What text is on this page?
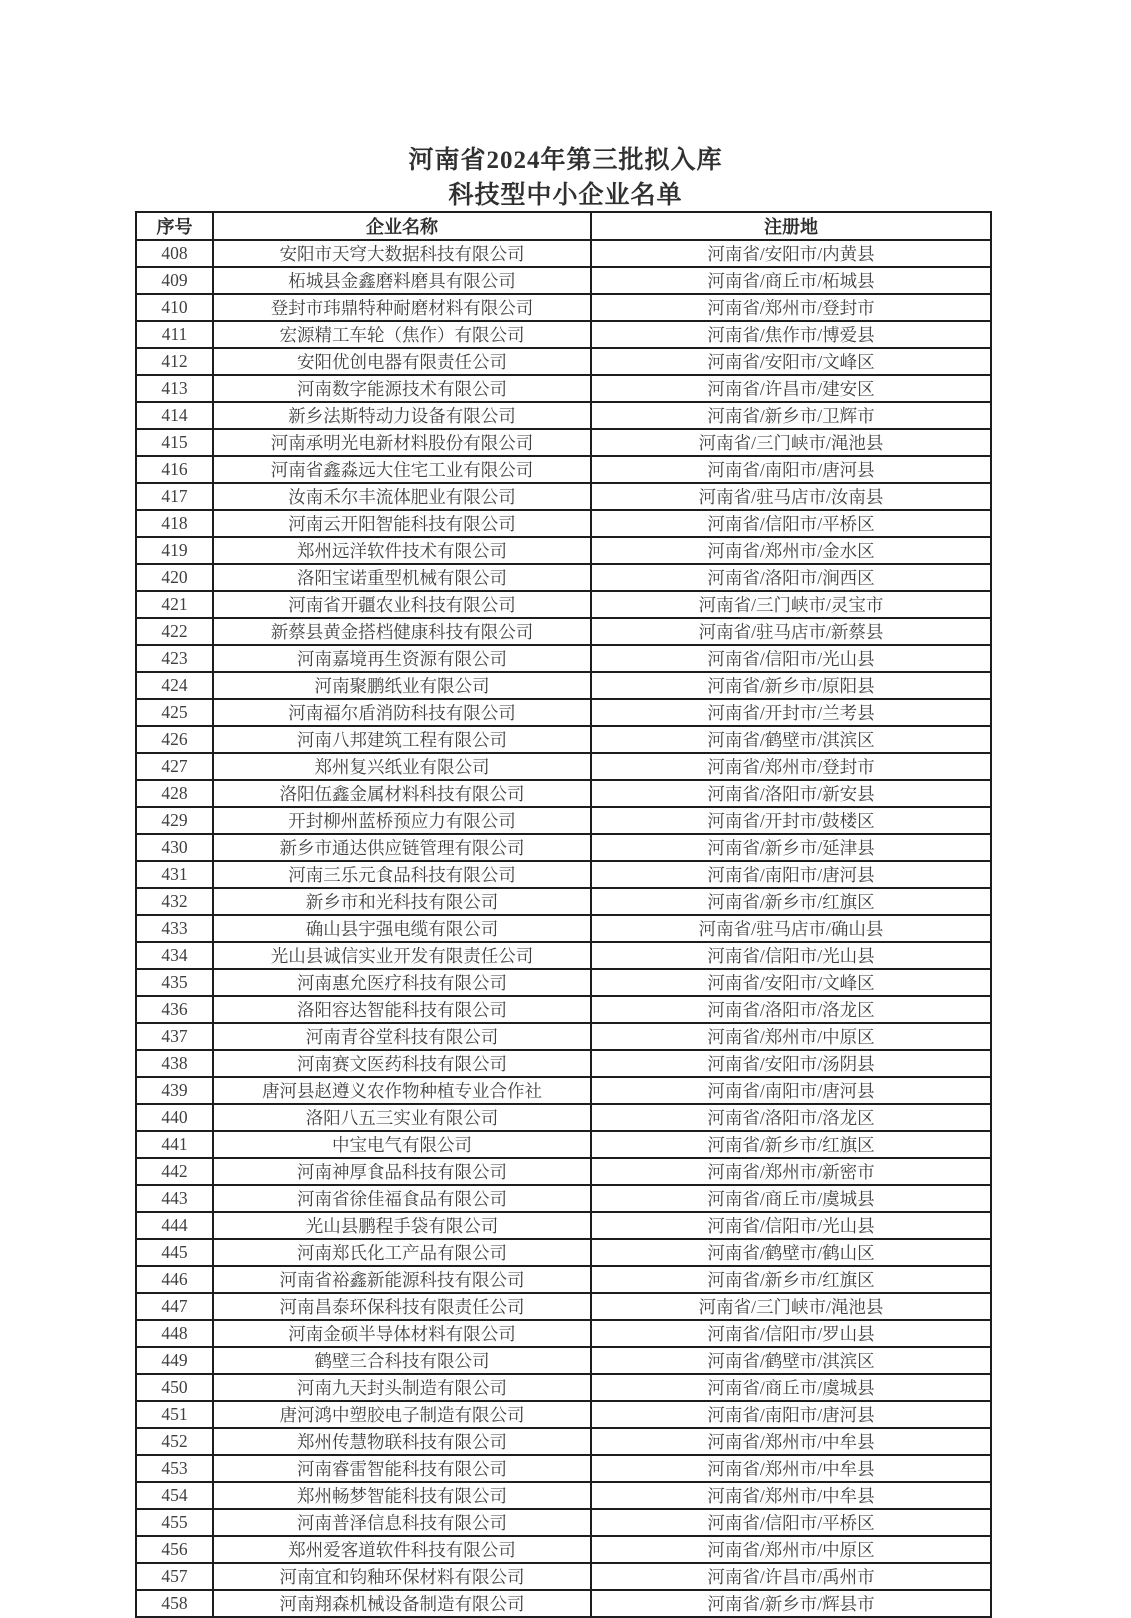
河南省2024年第三批拟入库
科技型中小企业名单
序号	企业名称	注册地
408	安阳市天穹大数据科技有限公司	河南省/安阳市/内黄县
409	柘城县金鑫磨料磨具有限公司	河南省/商丘市/柘城县
410	登封市玮鼎特种耐磨材料有限公司	河南省/郑州市/登封市
411	宏源精工车轮（焦作）有限公司	河南省/焦作市/博爱县
412	安阳优创电器有限责任公司	河南省/安阳市/文峰区
413	河南数字能源技术有限公司	河南省/许昌市/建安区
414	新乡法斯特动力设备有限公司	河南省/新乡市/卫辉市
415	河南承明光电新材料股份有限公司	河南省/三门峡市/渑池县
416	河南省鑫淼远大住宅工业有限公司	河南省/南阳市/唐河县
417	汝南禾尔丰流体肥业有限公司	河南省/驻马店市/汝南县
418	河南云开阳智能科技有限公司	河南省/信阳市/平桥区
419	郑州远洋软件技术有限公司	河南省/郑州市/金水区
420	洛阳宝诺重型机械有限公司	河南省/洛阳市/涧西区
421	河南省开疆农业科技有限公司	河南省/三门峡市/灵宝市
422	新蔡县黄金搭档健康科技有限公司	河南省/驻马店市/新蔡县
423	河南嘉境再生资源有限公司	河南省/信阳市/光山县
424	河南聚鹏纸业有限公司	河南省/新乡市/原阳县
425	河南福尔盾消防科技有限公司	河南省/开封市/兰考县
426	河南八邦建筑工程有限公司	河南省/鹤壁市/淇滨区
427	郑州复兴纸业有限公司	河南省/郑州市/登封市
428	洛阳伍鑫金属材料科技有限公司	河南省/洛阳市/新安县
429	开封柳州蓝桥预应力有限公司	河南省/开封市/鼓楼区
430	新乡市通达供应链管理有限公司	河南省/新乡市/延津县
431	河南三乐元食品科技有限公司	河南省/南阳市/唐河县
432	新乡市和光科技有限公司	河南省/新乡市/红旗区
433	确山县宇强电缆有限公司	河南省/驻马店市/确山县
434	光山县诚信实业开发有限责任公司	河南省/信阳市/光山县
435	河南惠允医疗科技有限公司	河南省/安阳市/文峰区
436	洛阳容达智能科技有限公司	河南省/洛阳市/洛龙区
437	河南青谷堂科技有限公司	河南省/郑州市/中原区
438	河南赛文医药科技有限公司	河南省/安阳市/汤阴县
439	唐河县赵遵义农作物种植专业合作社	河南省/南阳市/唐河县
440	洛阳八五三实业有限公司	河南省/洛阳市/洛龙区
441	中宝电气有限公司	河南省/新乡市/红旗区
442	河南神厚食品科技有限公司	河南省/郑州市/新密市
443	河南省徐佳福食品有限公司	河南省/商丘市/虞城县
444	光山县鹏程手袋有限公司	河南省/信阳市/光山县
445	河南郑氏化工产品有限公司	河南省/鹤壁市/鹤山区
446	河南省裕鑫新能源科技有限公司	河南省/新乡市/红旗区
447	河南昌泰环保科技有限责任公司	河南省/三门峡市/渑池县
448	河南金硕半导体材料有限公司	河南省/信阳市/罗山县
449	鹤壁三合科技有限公司	河南省/鹤壁市/淇滨区
450	河南九天封头制造有限公司	河南省/商丘市/虞城县
451	唐河鸿中塑胶电子制造有限公司	河南省/南阳市/唐河县
452	郑州传慧物联科技有限公司	河南省/郑州市/中牟县
453	河南睿雷智能科技有限公司	河南省/郑州市/中牟县
454	郑州畅梦智能科技有限公司	河南省/郑州市/中牟县
455	河南普泽信息科技有限公司	河南省/信阳市/平桥区
456	郑州爱客道软件科技有限公司	河南省/郑州市/中原区
457	河南宜和钧釉环保材料有限公司	河南省/许昌市/禹州市
458	河南翔森机械设备制造有限公司	河南省/新乡市/辉县市
